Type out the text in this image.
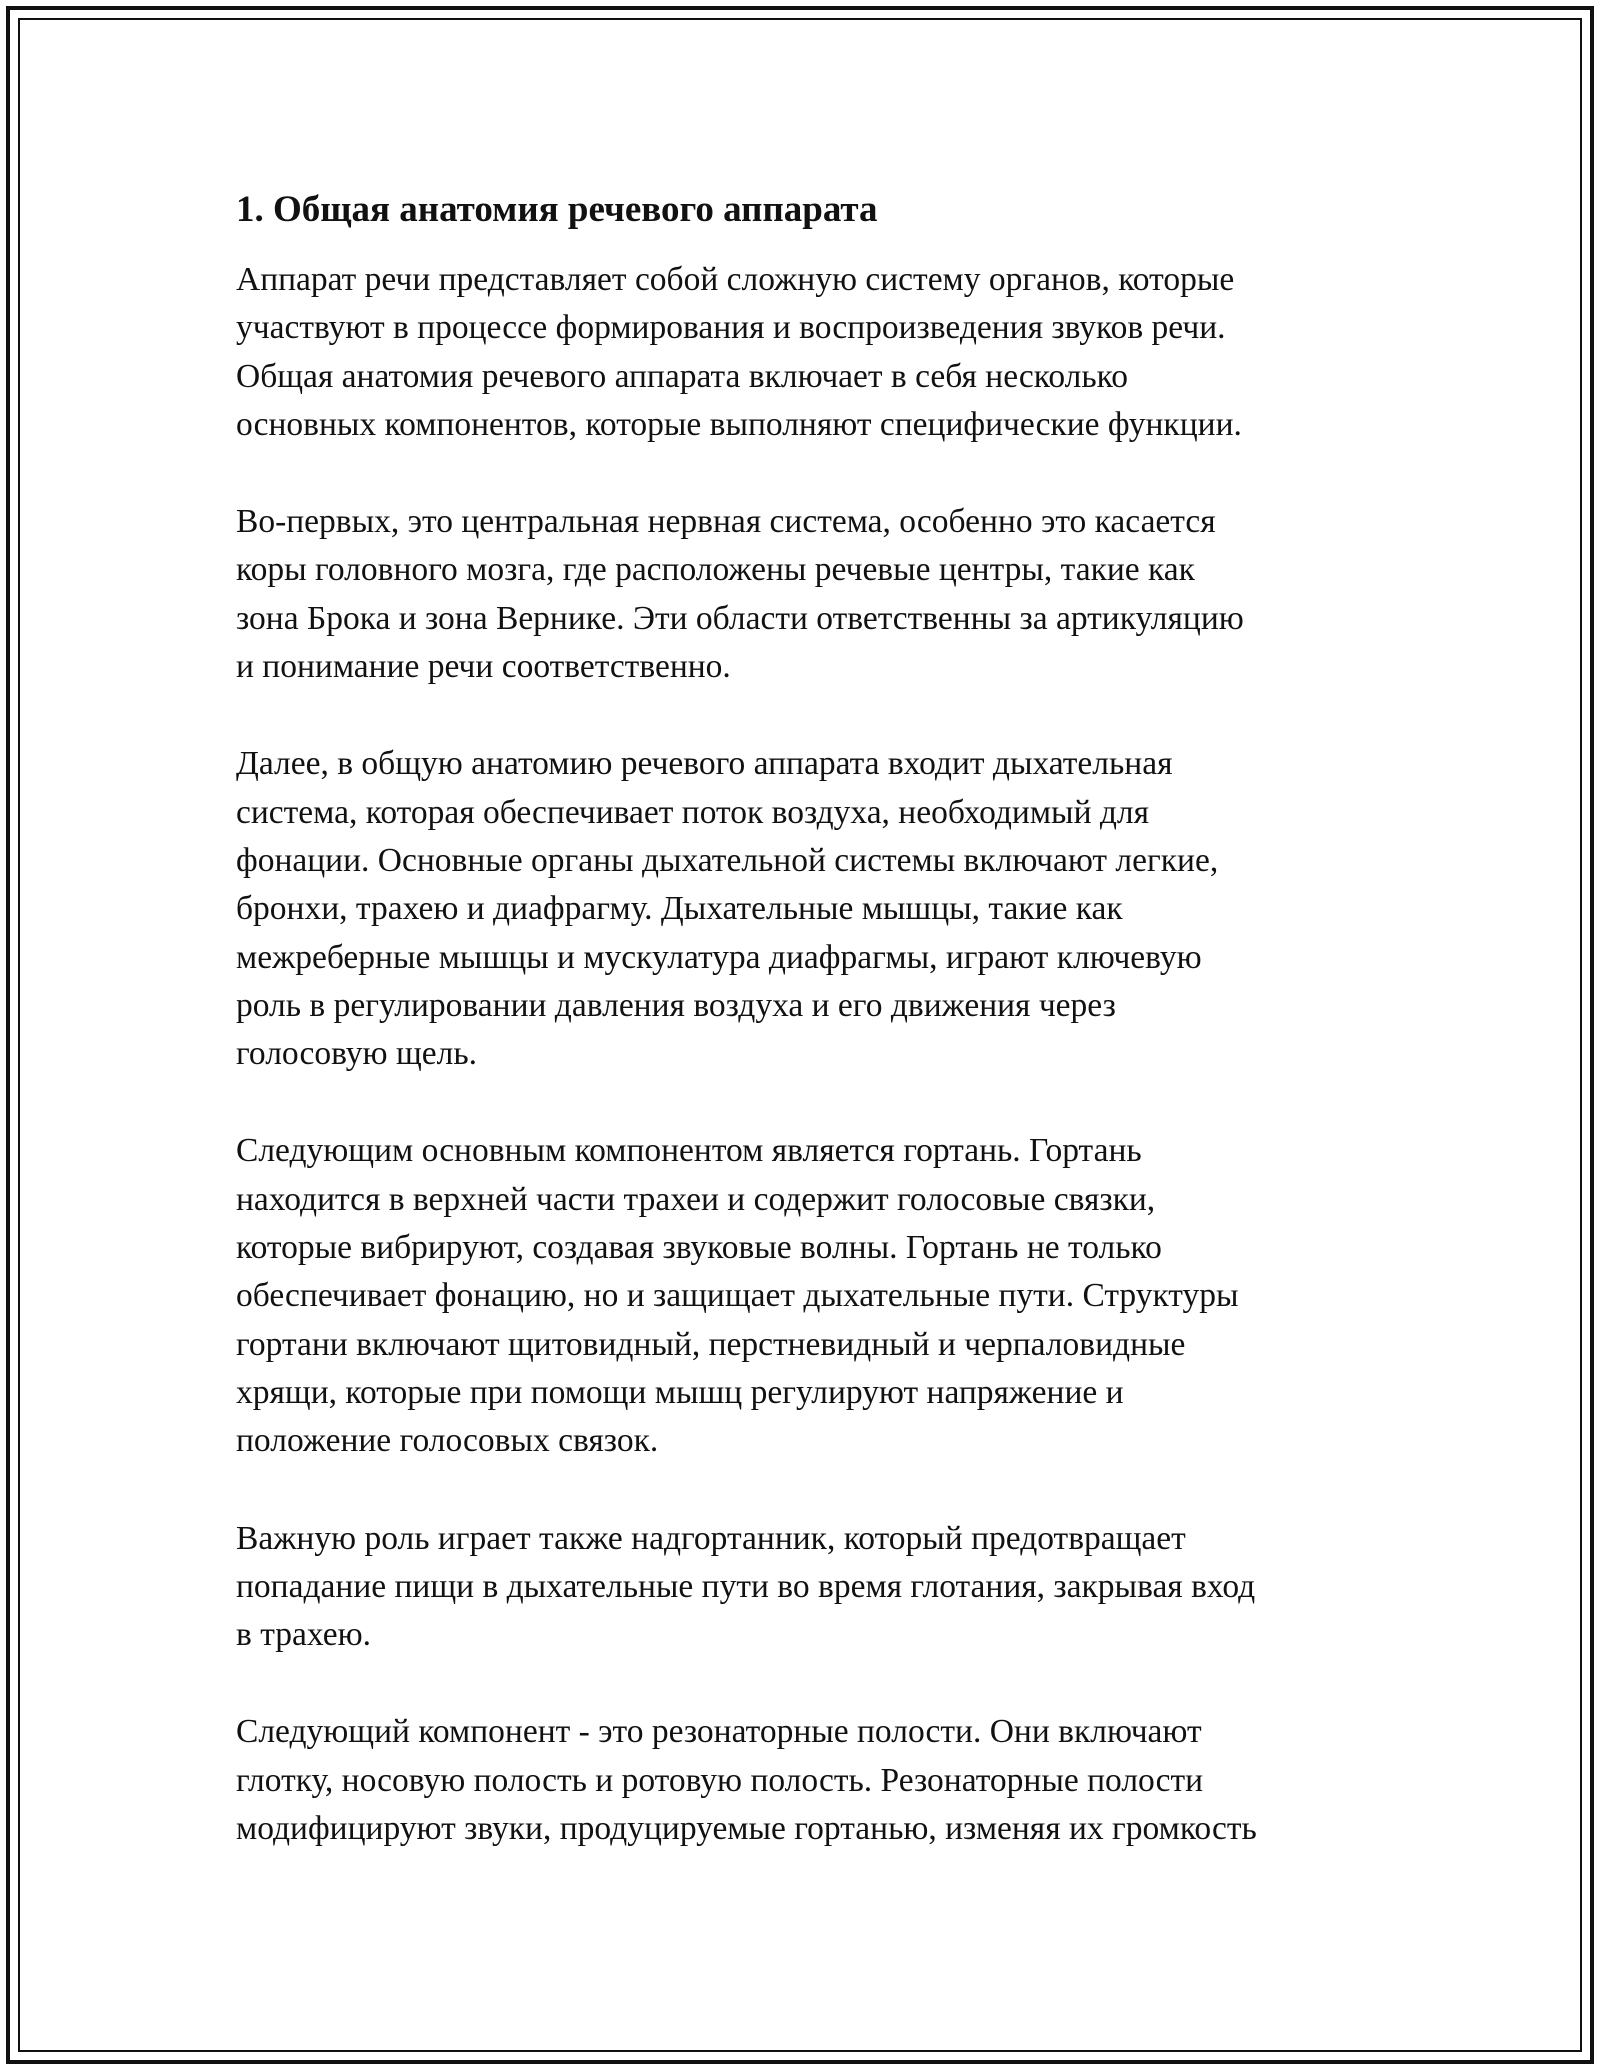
1. Общая анатомия речевого аппарата

Аппарат речи представляет собой сложную систему органов, которые
участвуют в процессе формирования и воспроизведения звуков речи.
Общая анатомия речевого аппарата включает в себя несколько
основных компонентов, которые выполняют специфические функции.

Во-первых, это центральная нервная система, особенно это касается
коры головного мозга, где расположены речевые центры, такие как
зона Брока и зона Вернике. Эти области ответственны за артикуляцию
и понимание речи соответственно.

Далее, в общую анатомию речевого аппарата входит дыхательная
система, которая обеспечивает поток воздуха, необходимый для
фонации. Основные органы дыхательной системы включают легкие,
бронхи, трахею и диафрагму. Дыхательные мышцы, такие как
межреберные мышцы и мускулатура диафрагмы, играют ключевую
роль в регулировании давления воздуха и его движения через
голосовую щель.

Следующим основным компонентом является гортань. Гортань
находится в верхней части трахеи и содержит голосовые связки,
которые вибрируют, создавая звуковые волны. Гортань не только
обеспечивает фонацию, но и защищает дыхательные пути. Структуры
гортани включают щитовидный, перстневидный и черпаловидные
хрящи, которые при помощи мышц регулируют напряжение и
положение голосовых связок.

Важную роль играет также надгортанник, который предотвращает
попадание пищи в дыхательные пути во время глотания, закрывая вход
в трахею.

Следующий компонент - это резонаторные полости. Они включают
глотку, носовую полость и ротовую полость. Резонаторные полости
модифицируют звуки, продуцируемые гортанью, изменяя их громкость
